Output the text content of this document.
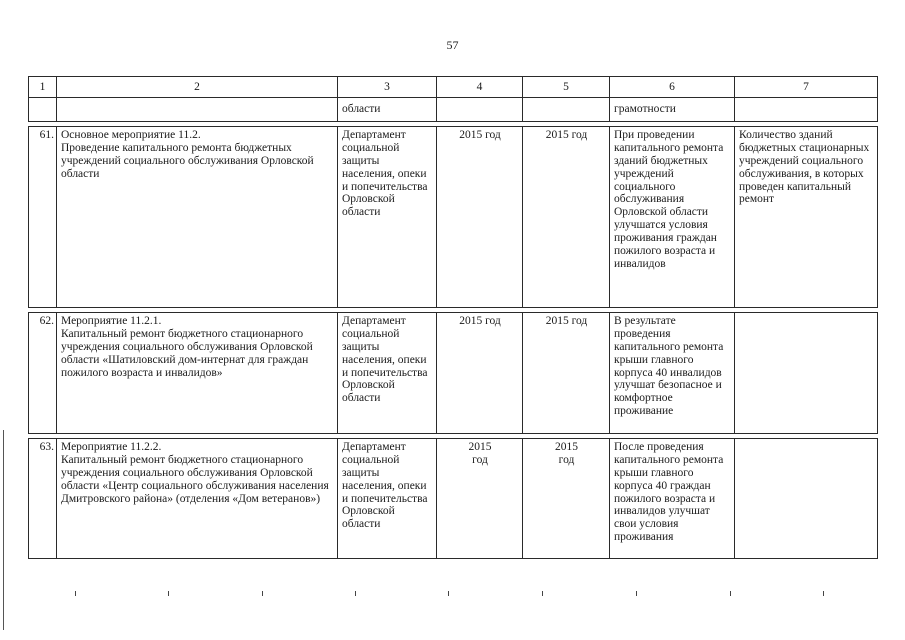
57
1	2	3	4	5	6	7
		области			грамотности	

61.	Основное мероприятие 11.2.
Проведение капитального ремонта бюджетных учреждений социального обслуживания Орловской области	Департамент социальной защиты населения, опеки и попечительства Орловской области	2015 год	2015 год	При проведении капитального ремонта зданий бюджетных учреждений социального обслуживания Орловской области улучшатся условия проживания граждан пожилого возраста и инвалидов	Количество зданий бюджетных стационарных учреждений социального обслуживания, в которых проведен капитальный ремонт

62.	Мероприятие 11.2.1.
Капитальный ремонт бюджетного стационарного учреждения социального обслуживания Орловской области «Шатиловский дом-интернат для граждан пожилого возраста и инвалидов»	Департамент социальной защиты населения, опеки и попечительства Орловской области	2015 год	2015 год	В результате проведения капитального ремонта крыши главного корпуса 40 инвалидов улучшат безопасное и комфортное проживание	

63.	Мероприятие 11.2.2.
Капитальный ремонт бюджетного стационарного учреждения социального обслуживания Орловской области «Центр социального обслуживания населения Дмитровского района» (отделения «Дом ветеранов»)	Департамент социальной защиты населения, опеки и попечительства Орловской области	2015
год	2015
год	После проведения капитального ремонта крыши главного корпуса 40 граждан пожилого возраста и инвалидов улучшат свои условия проживания	
